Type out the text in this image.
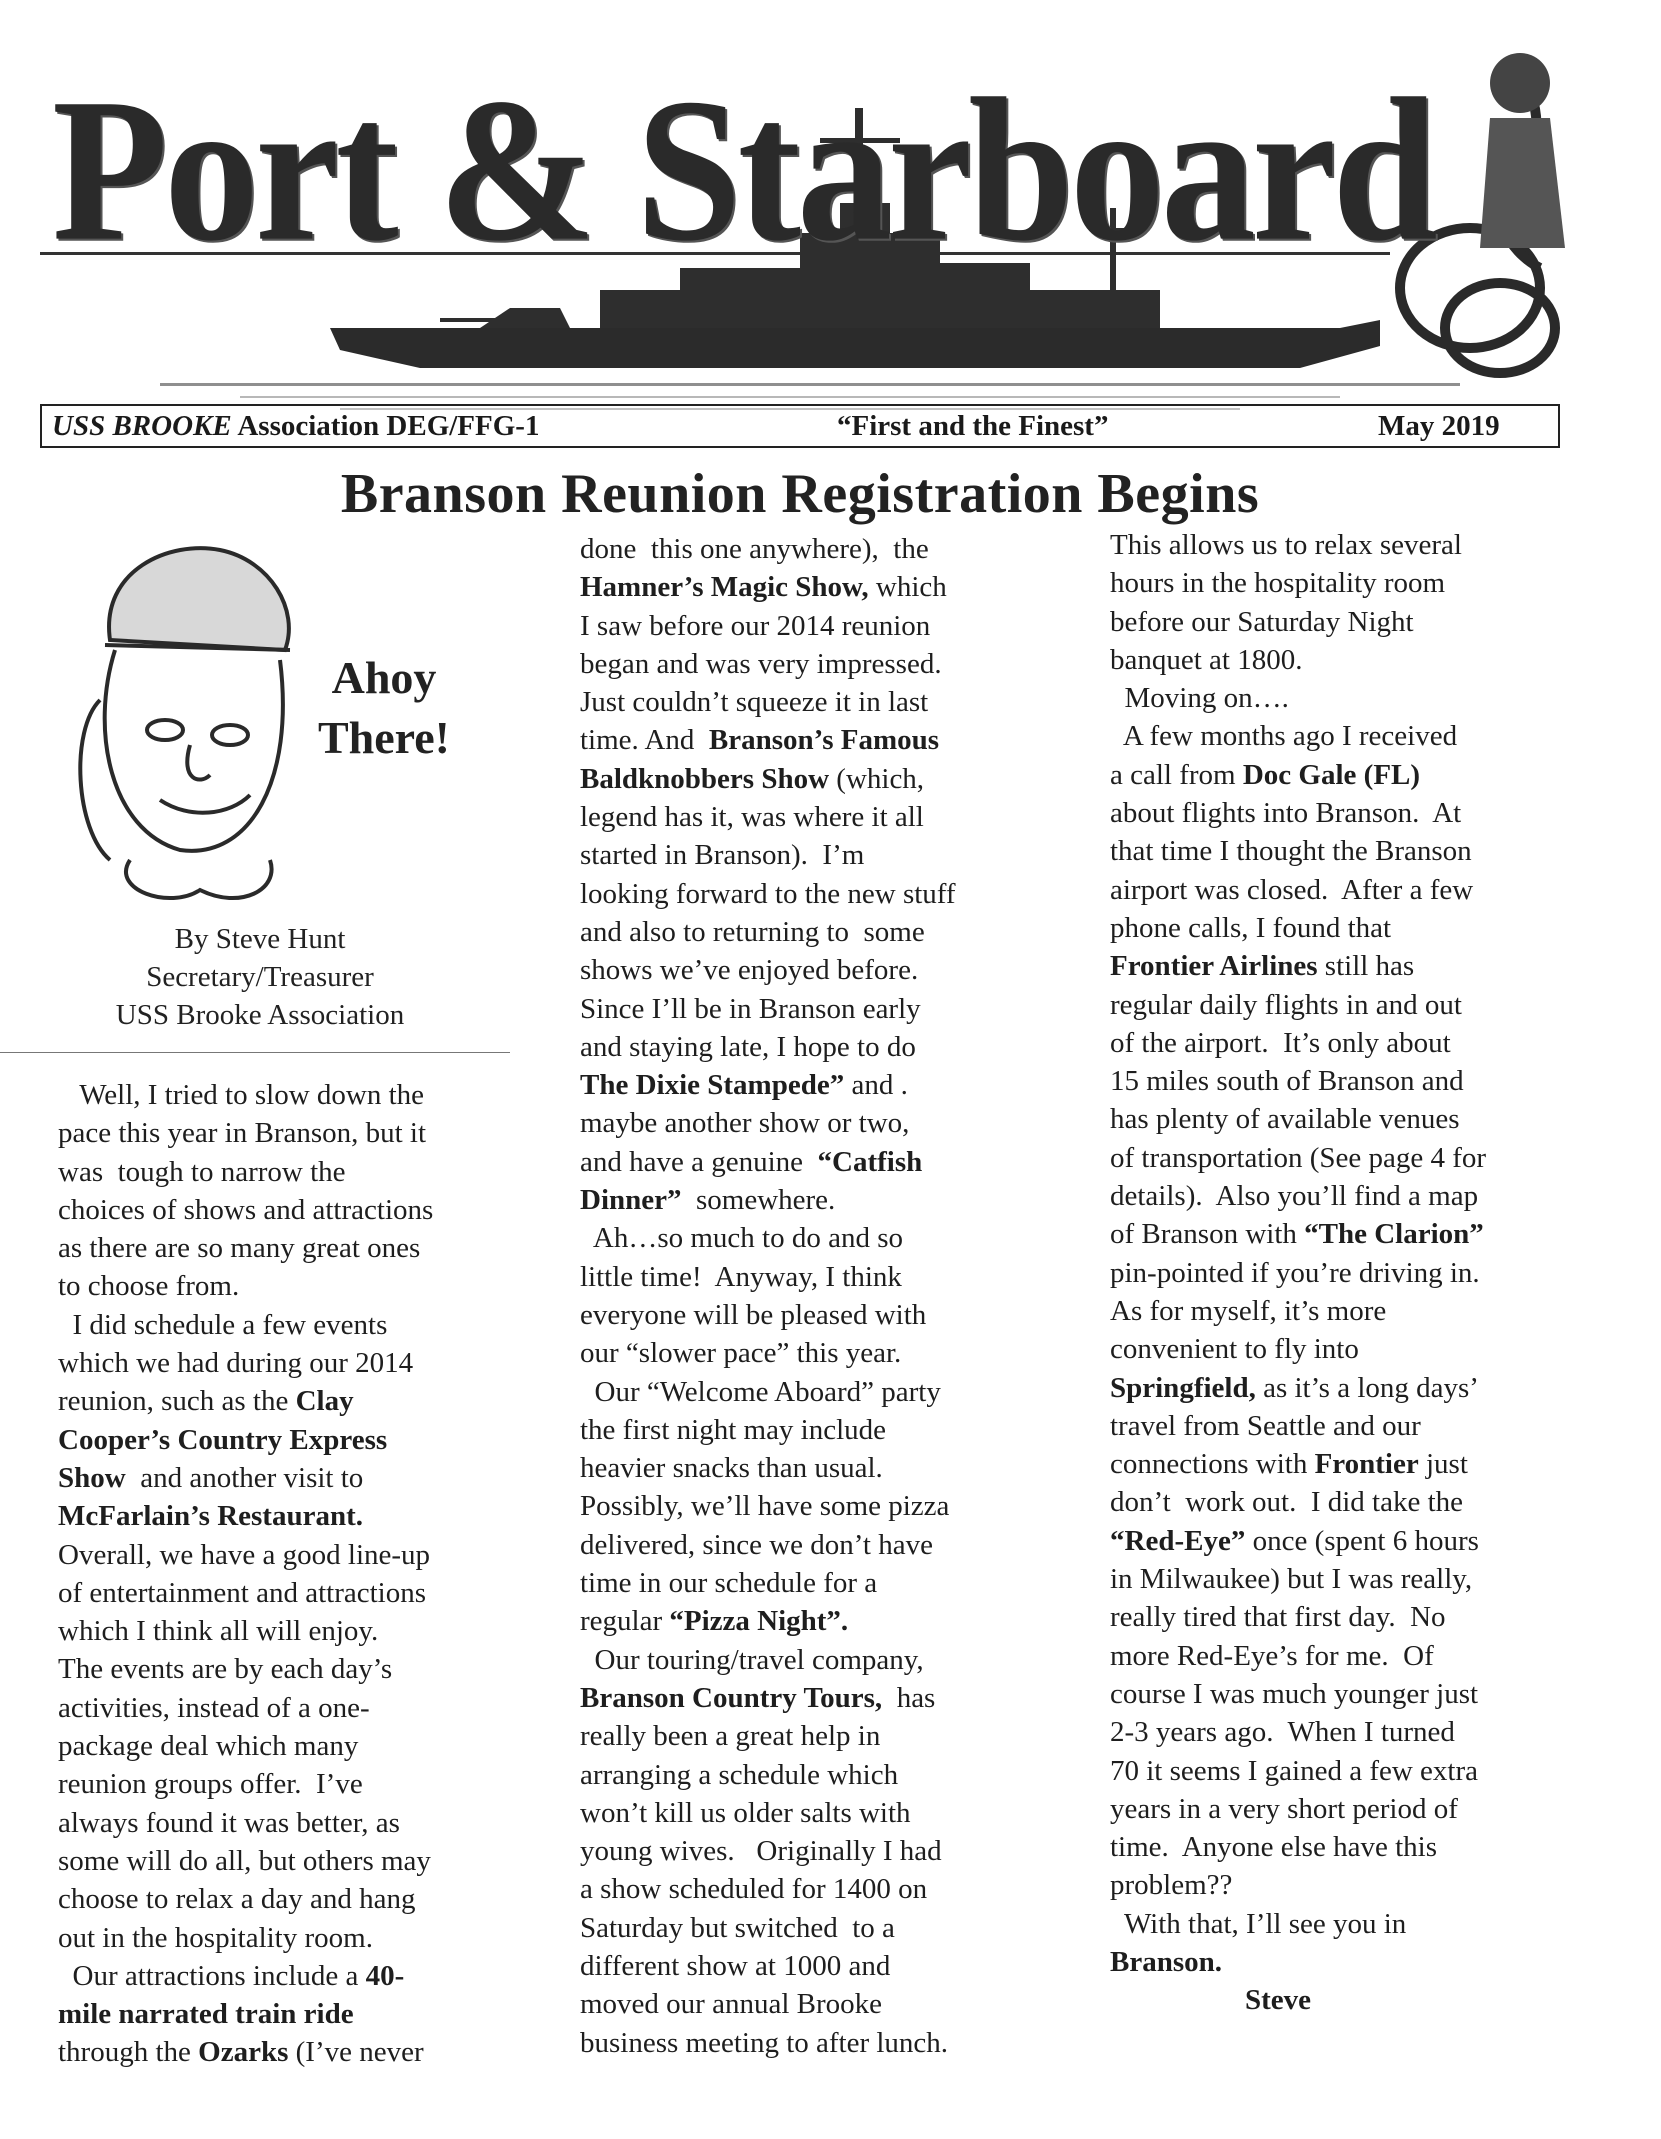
Port & Starboard
USS BROOKE Association DEG/FFG-1	“First and the Finest”	May 2019
Branson Reunion Registration Begins
Ahoy
There!
By Steve Hunt
Secretary/Treasurer
USS Brooke Association
Well, I tried to slow down the
pace this year in Branson, but it
was  tough to narrow the
choices of shows and attractions
as there are so many great ones
to choose from.
I did schedule a few events
which we had during our 2014
reunion, such as the Clay
Cooper’s Country Express
Show  and another visit to
McFarlain’s Restaurant.
Overall, we have a good line-up
of entertainment and attractions
which I think all will enjoy.
The events are by each day’s
activities, instead of a one-
package deal which many
reunion groups offer.  I’ve
always found it was better, as
some will do all, but others may
choose to relax a day and hang
out in the hospitality room.
Our attractions include a 40-
mile narrated train ride
through the Ozarks (I’ve never
done  this one anywhere),  the
Hamner’s Magic Show, which
I saw before our 2014 reunion
began and was very impressed.
Just couldn’t squeeze it in last
time. And  Branson’s Famous
Baldknobbers Show (which,
legend has it, was where it all
started in Branson).  I’m
looking forward to the new stuff
and also to returning to  some
shows we’ve enjoyed before.
Since I’ll be in Branson early
and staying late, I hope to do
The Dixie Stampede” and .
maybe another show or two,
and have a genuine  “Catfish
Dinner”  somewhere.
Ah…so much to do and so
little time!  Anyway, I think
everyone will be pleased with
our “slower pace” this year.
Our “Welcome Aboard” party
the first night may include
heavier snacks than usual.
Possibly, we’ll have some pizza
delivered, since we don’t have
time in our schedule for a
regular “Pizza Night”.
Our touring/travel company,
Branson Country Tours,  has
really been a great help in
arranging a schedule which
won’t kill us older salts with
young wives.   Originally I had
a show scheduled for 1400 on
Saturday but switched  to a
different show at 1000 and
moved our annual Brooke
business meeting to after lunch.
This allows us to relax several
hours in the hospitality room
before our Saturday Night
banquet at 1800.
Moving on….
A few months ago I received
a call from Doc Gale (FL)
about flights into Branson.  At
that time I thought the Branson
airport was closed.  After a few
phone calls, I found that
Frontier Airlines still has
regular daily flights in and out
of the airport.  It’s only about
15 miles south of Branson and
has plenty of available venues
of transportation (See page 4 for
details).  Also you’ll find a map
of Branson with “The Clarion”
pin-pointed if you’re driving in.
As for myself, it’s more
convenient to fly into
Springfield, as it’s a long days’
travel from Seattle and our
connections with Frontier just
don’t  work out.  I did take the
“Red-Eye” once (spent 6 hours
in Milwaukee) but I was really,
really tired that first day.  No
more Red-Eye’s for me.  Of
course I was much younger just
2-3 years ago.  When I turned
70 it seems I gained a few extra
years in a very short period of
time.  Anyone else have this
problem??
With that, I’ll see you in
Branson.
Steve
